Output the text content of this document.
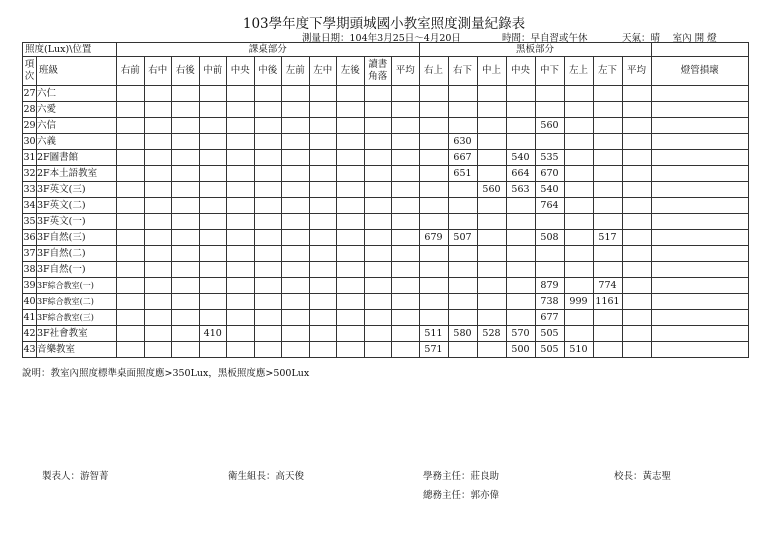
103學年度下學期頭城國小教室照度測量紀錄表
測量日期：104年3月25日～4月20日	時間：早自習或午休	天氣：晴　 室內 開 燈
照度(Lux)\位置		課桌部分											黑板部分								
項次	班級	右前	右中	右後	中前	中央	中後	左前	左中	左後	讀書角落	平均	右上	右下	中上	中央	中下	左上	左下	平均	燈管損壞
27	六仁																				
28	六愛																				
29	六信																560				
30	六義													630							
31	2F圖書館													667		540	535				
32	2F本土語教室													651		664	670				
33	3F英文(三)														560	563	540				
34	3F英文(二)																764				
35	3F英文(一)																				
36	3F自然(三)												679	507			508		517		
37	3F自然(二)																				
38	3F自然(一)																				
39	3F綜合教室(一)																879		774		
40	3F綜合教室(二)																738	999	1161		
41	3F綜合教室(三)																677				
42	3F社會教室				410								511	580	528	570	505				
43	音樂教室												571			500	505	510			
說明：教室內照度標準桌面照度應>350Lux，黑板照度應>500Lux
製表人：游智菁	衛生組長：高天俊	學務主任：莊良助	校長：黃志聖
總務主任：郭亦偉
